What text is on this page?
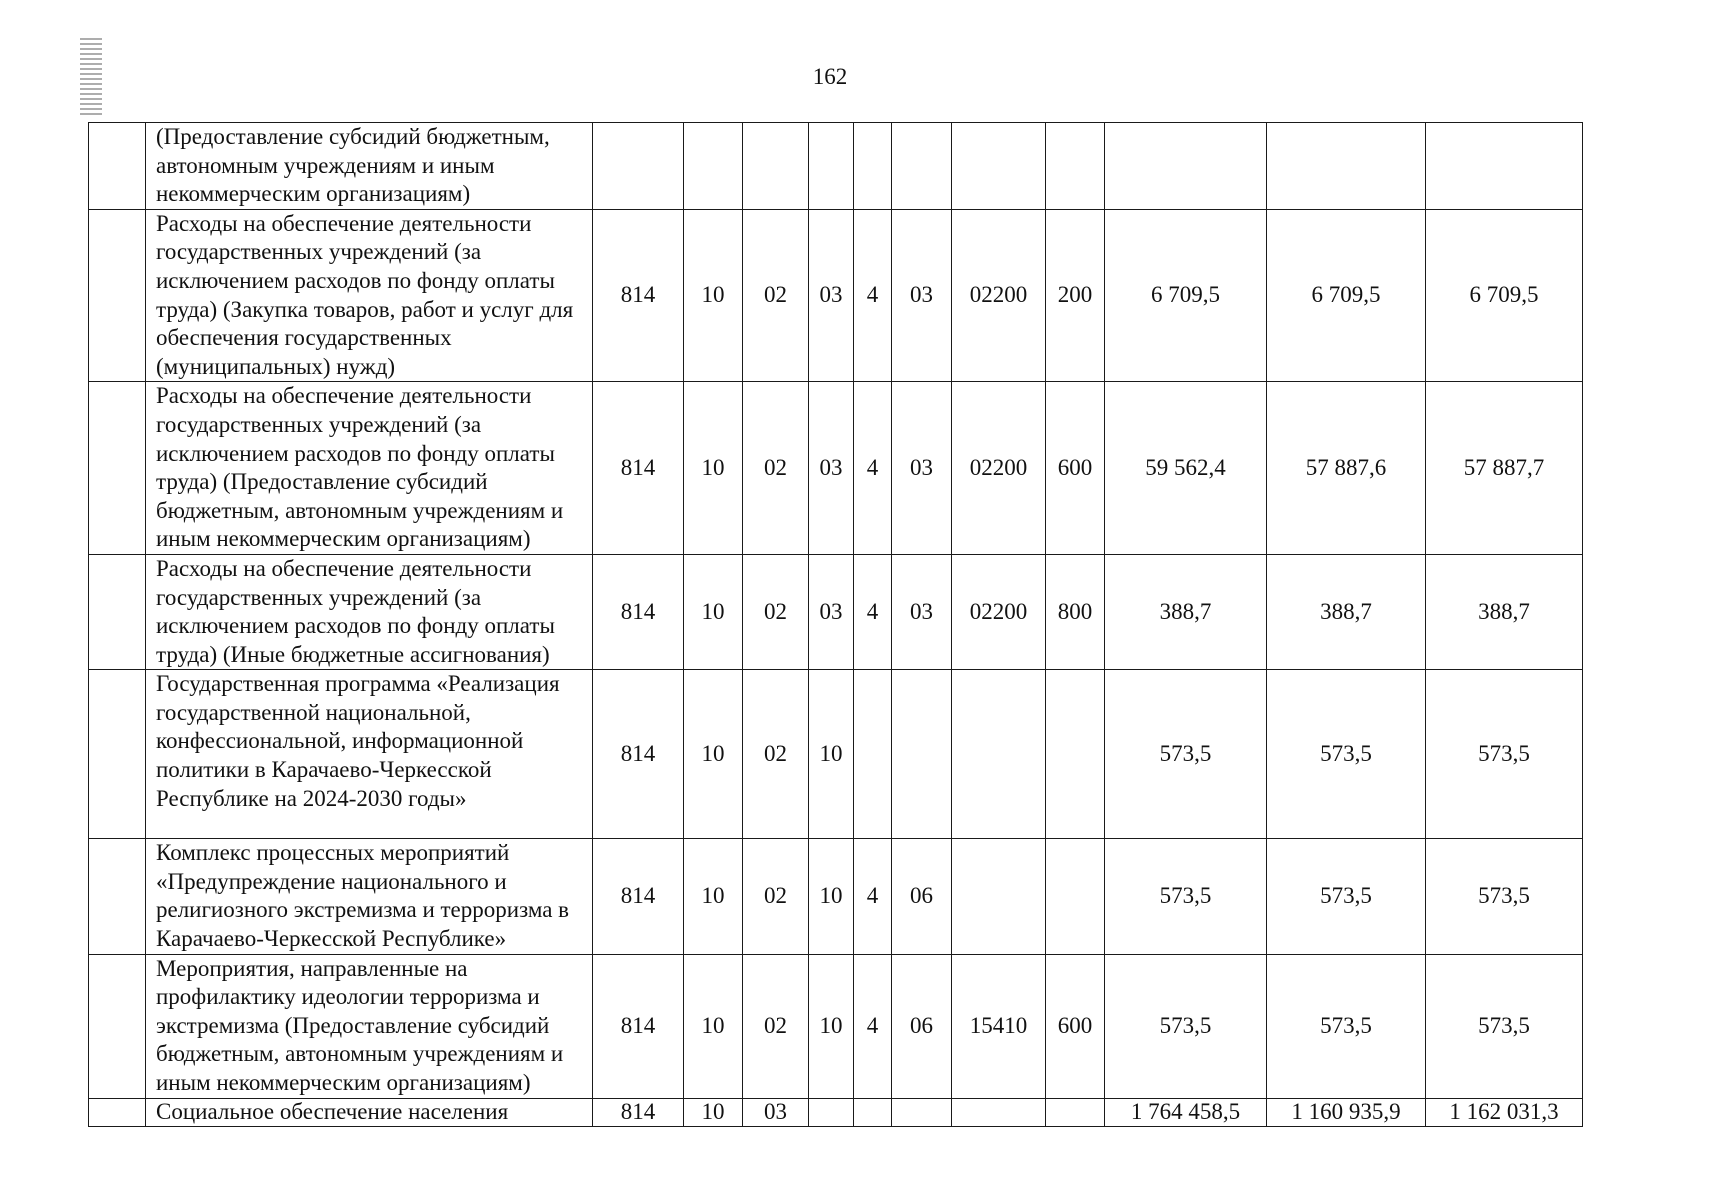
162
	(Предоставление субсидий бюджетным, автономным учреждениям и иным некоммерческим организациям)											
	Расходы на обеспечение деятельности государственных учреждений (за исключением расходов по фонду оплаты труда) (Закупка товаров, работ и услуг для обеспечения государственных (муниципальных) нужд)	814	10	02	03	4	03	02200	200	6 709,5	6 709,5	6 709,5
	Расходы на обеспечение деятельности государственных учреждений (за исключением расходов по фонду оплаты труда) (Предоставление субсидий бюджетным, автономным учреждениям и иным некоммерческим организациям)	814	10	02	03	4	03	02200	600	59 562,4	57 887,6	57 887,7
	Расходы на обеспечение деятельности государственных учреждений (за исключением расходов по фонду оплаты труда) (Иные бюджетные ассигнования)	814	10	02	03	4	03	02200	800	388,7	388,7	388,7
	Государственная программа «Реализация государственной национальной, конфессиональной, информационной политики в Карачаево-Черкесской Республике на 2024-2030 годы»	814	10	02	10					573,5	573,5	573,5
	Комплекс процессных мероприятий «Предупреждение национального и религиозного экстремизма и терроризма в Карачаево-Черкесской Республике»	814	10	02	10	4	06			573,5	573,5	573,5
	Мероприятия, направленные на профилактику идеологии терроризма и экстремизма (Предоставление субсидий бюджетным, автономным учреждениям и иным некоммерческим организациям)	814	10	02	10	4	06	15410	600	573,5	573,5	573,5
	Социальное обеспечение населения	814	10	03						1 764 458,5	1 160 935,9	1 162 031,3
